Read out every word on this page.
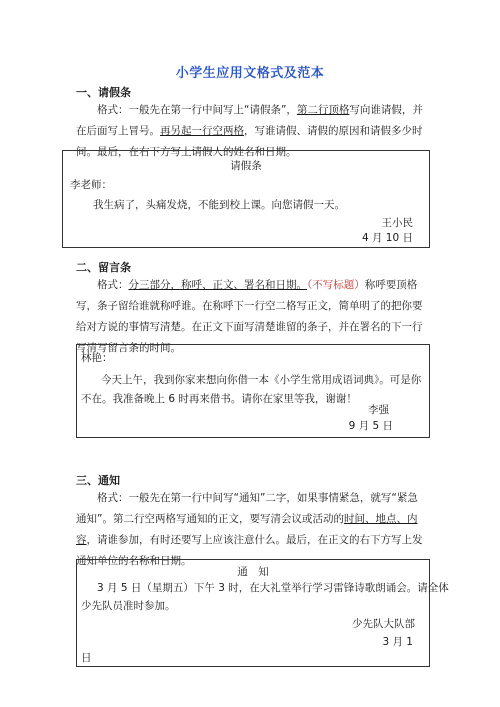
小学生应用文格式及范本
一、请假条
格式：一般先在第一行中间写上“请假条”，第二行顶格写向谁请假，并在后面写上冒号。再另起一行空两格，写谁请假、请假的原因和请假多少时间。最后，在右下方写上请假人的姓名和日期。
请假条
李老师：
我生病了，头痛发烧，不能到校上课。向您请假一天。
王小民
4 月 10 日
二、留言条
格式：分三部分，称呼、正文、署名和日期。（不写标题）称呼要顶格写，条子留给谁就称呼谁。在称呼下一行空二格写正文，简单明了的把你要给对方说的事情写清楚。在正文下面写清楚谁留的条子，并在署名的下一行写清写留言条的时间。
林艳：
今天上午，我到你家来想向你借一本《小学生常用成语词典》。可是你
不在。我准备晚上 6 时再来借书。请你在家里等我，谢谢！
李强
9 月 5 日
三、通知
格式：一般先在第一行中间写“通知”二字，如果事情紧急，就写“紧急通知”。第二行空两格写通知的正文，要写清会议或活动的时间、地点、内容，请谁参加，有时还要写上应该注意什么。最后，在正文的右下方写上发通知单位的名称和日期。
通　知
3 月 5 日（星期五）下午 3 时，在大礼堂举行学习雷锋诗歌朗诵会。请全体
少先队员准时参加。
少先队大队部
3 月 1
日
